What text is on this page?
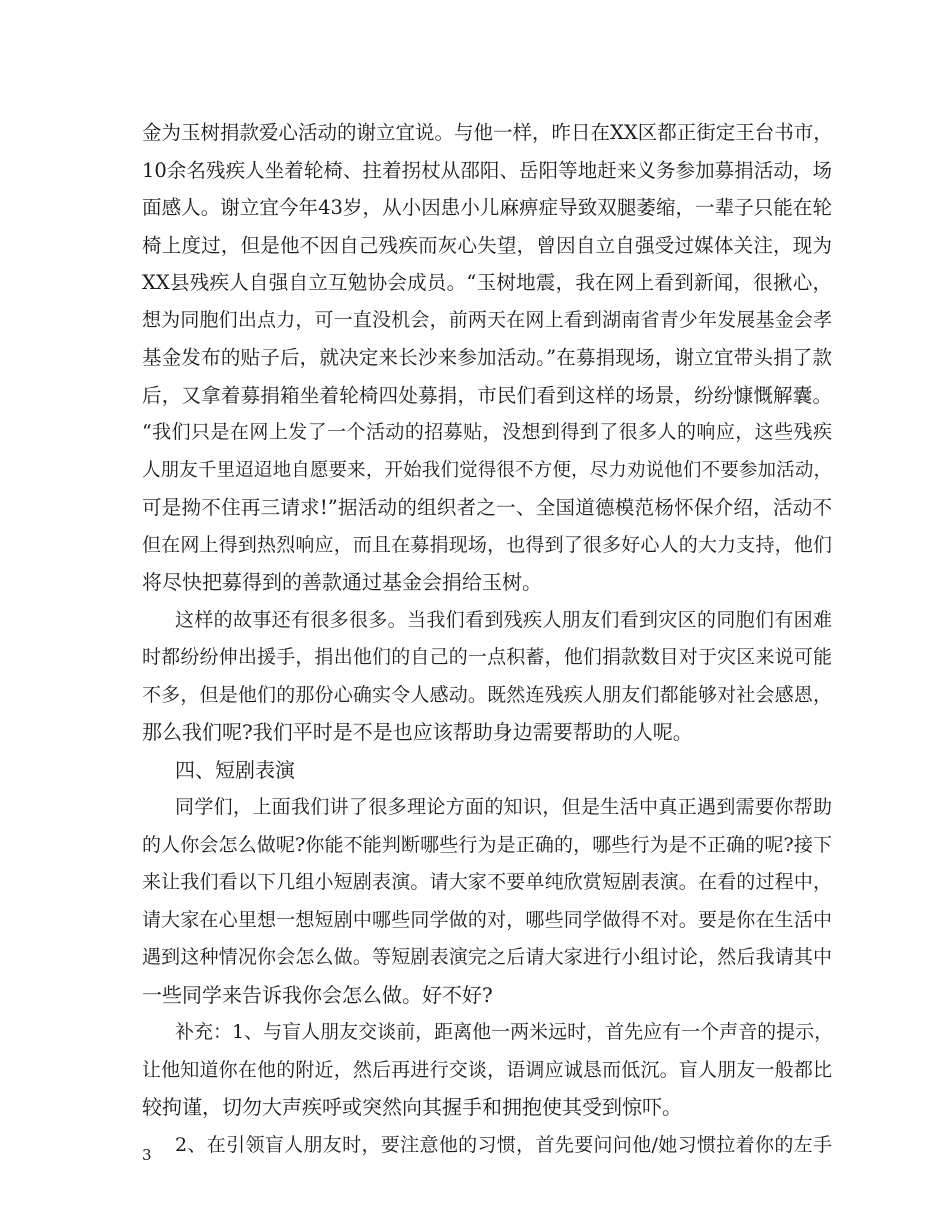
金为玉树捐款爱心活动的谢立宜说。与他一样，昨日在XX区都正街定王台书市，
10余名残疾人坐着轮椅、拄着拐杖从邵阳、岳阳等地赶来义务参加募捐活动，场
面感人。谢立宜今年43岁，从小因患小儿麻痹症导致双腿萎缩，一辈子只能在轮
椅上度过，但是他不因自己残疾而灰心失望，曾因自立自强受过媒体关注，现为
XX县残疾人自强自立互勉协会成员。“玉树地震，我在网上看到新闻，很揪心，
想为同胞们出点力，可一直没机会，前两天在网上看到湖南省青少年发展基金会孝
基金发布的贴子后，就决定来长沙来参加活动。”在募捐现场，谢立宜带头捐了款
后，又拿着募捐箱坐着轮椅四处募捐，市民们看到这样的场景，纷纷慷慨解囊。
“我们只是在网上发了一个活动的招募贴，没想到得到了很多人的响应，这些残疾
人朋友千里迢迢地自愿要来，开始我们觉得很不方便，尽力劝说他们不要参加活动，
可是拗不住再三请求!”据活动的组织者之一、全国道德模范杨怀保介绍，活动不
但在网上得到热烈响应，而且在募捐现场，也得到了很多好心人的大力支持，他们
将尽快把募得到的善款通过基金会捐给玉树。
这样的故事还有很多很多。当我们看到残疾人朋友们看到灾区的同胞们有困难
时都纷纷伸出援手，捐出他们的自己的一点积蓄，他们捐款数目对于灾区来说可能
不多，但是他们的那份心确实令人感动。既然连残疾人朋友们都能够对社会感恩，
那么我们呢?我们平时是不是也应该帮助身边需要帮助的人呢。
四、短剧表演
同学们，上面我们讲了很多理论方面的知识，但是生活中真正遇到需要你帮助
的人你会怎么做呢?你能不能判断哪些行为是正确的，哪些行为是不正确的呢?接下
来让我们看以下几组小短剧表演。请大家不要单纯欣赏短剧表演。在看的过程中，
请大家在心里想一想短剧中哪些同学做的对，哪些同学做得不对。要是你在生活中
遇到这种情况你会怎么做。等短剧表演完之后请大家进行小组讨论，然后我请其中
一些同学来告诉我你会怎么做。好不好?
补充：1、与盲人朋友交谈前，距离他一两米远时，首先应有一个声音的提示，
让他知道你在他的附近，然后再进行交谈，语调应诚恳而低沉。盲人朋友一般都比
较拘谨，切勿大声疾呼或突然向其握手和拥抱使其受到惊吓。
2、在引领盲人朋友时，要注意他的习惯，首先要问问他/她习惯拉着你的左手
3
